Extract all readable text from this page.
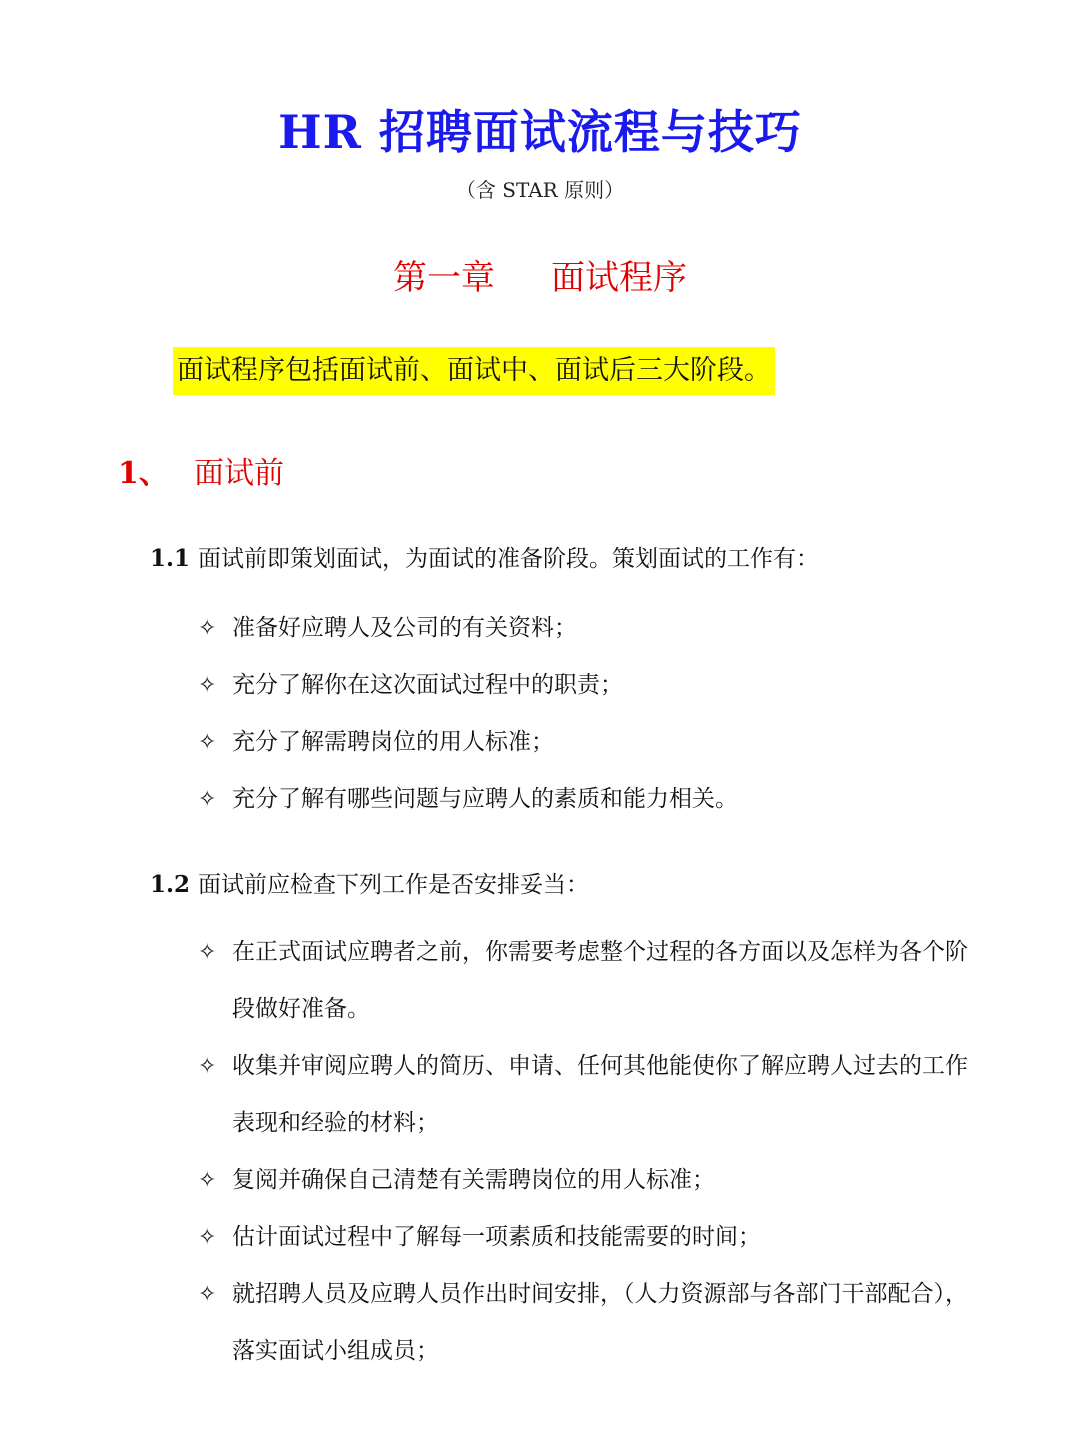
HR 招聘面试流程与技巧
（含 STAR 原则）
第一章 面试程序
面试程序包括面试前、面试中、面试后三大阶段。
1、 面试前
1.1 面试前即策划面试，为面试的准备阶段。策划面试的工作有：
✧ 准备好应聘人及公司的有关资料；
✧ 充分了解你在这次面试过程中的职责；
✧ 充分了解需聘岗位的用人标准；
✧ 充分了解有哪些问题与应聘人的素质和能力相关。
1.2 面试前应检查下列工作是否安排妥当：
✧ 在正式面试应聘者之前，你需要考虑整个过程的各方面以及怎样为各个阶段做好准备。
✧ 收集并审阅应聘人的简历、申请、任何其他能使你了解应聘人过去的工作表现和经验的材料；
✧ 复阅并确保自己清楚有关需聘岗位的用人标准；
✧ 估计面试过程中了解每一项素质和技能需要的时间；
✧ 就招聘人员及应聘人员作出时间安排，（人力资源部与各部门干部配合），落实面试小组成员；
